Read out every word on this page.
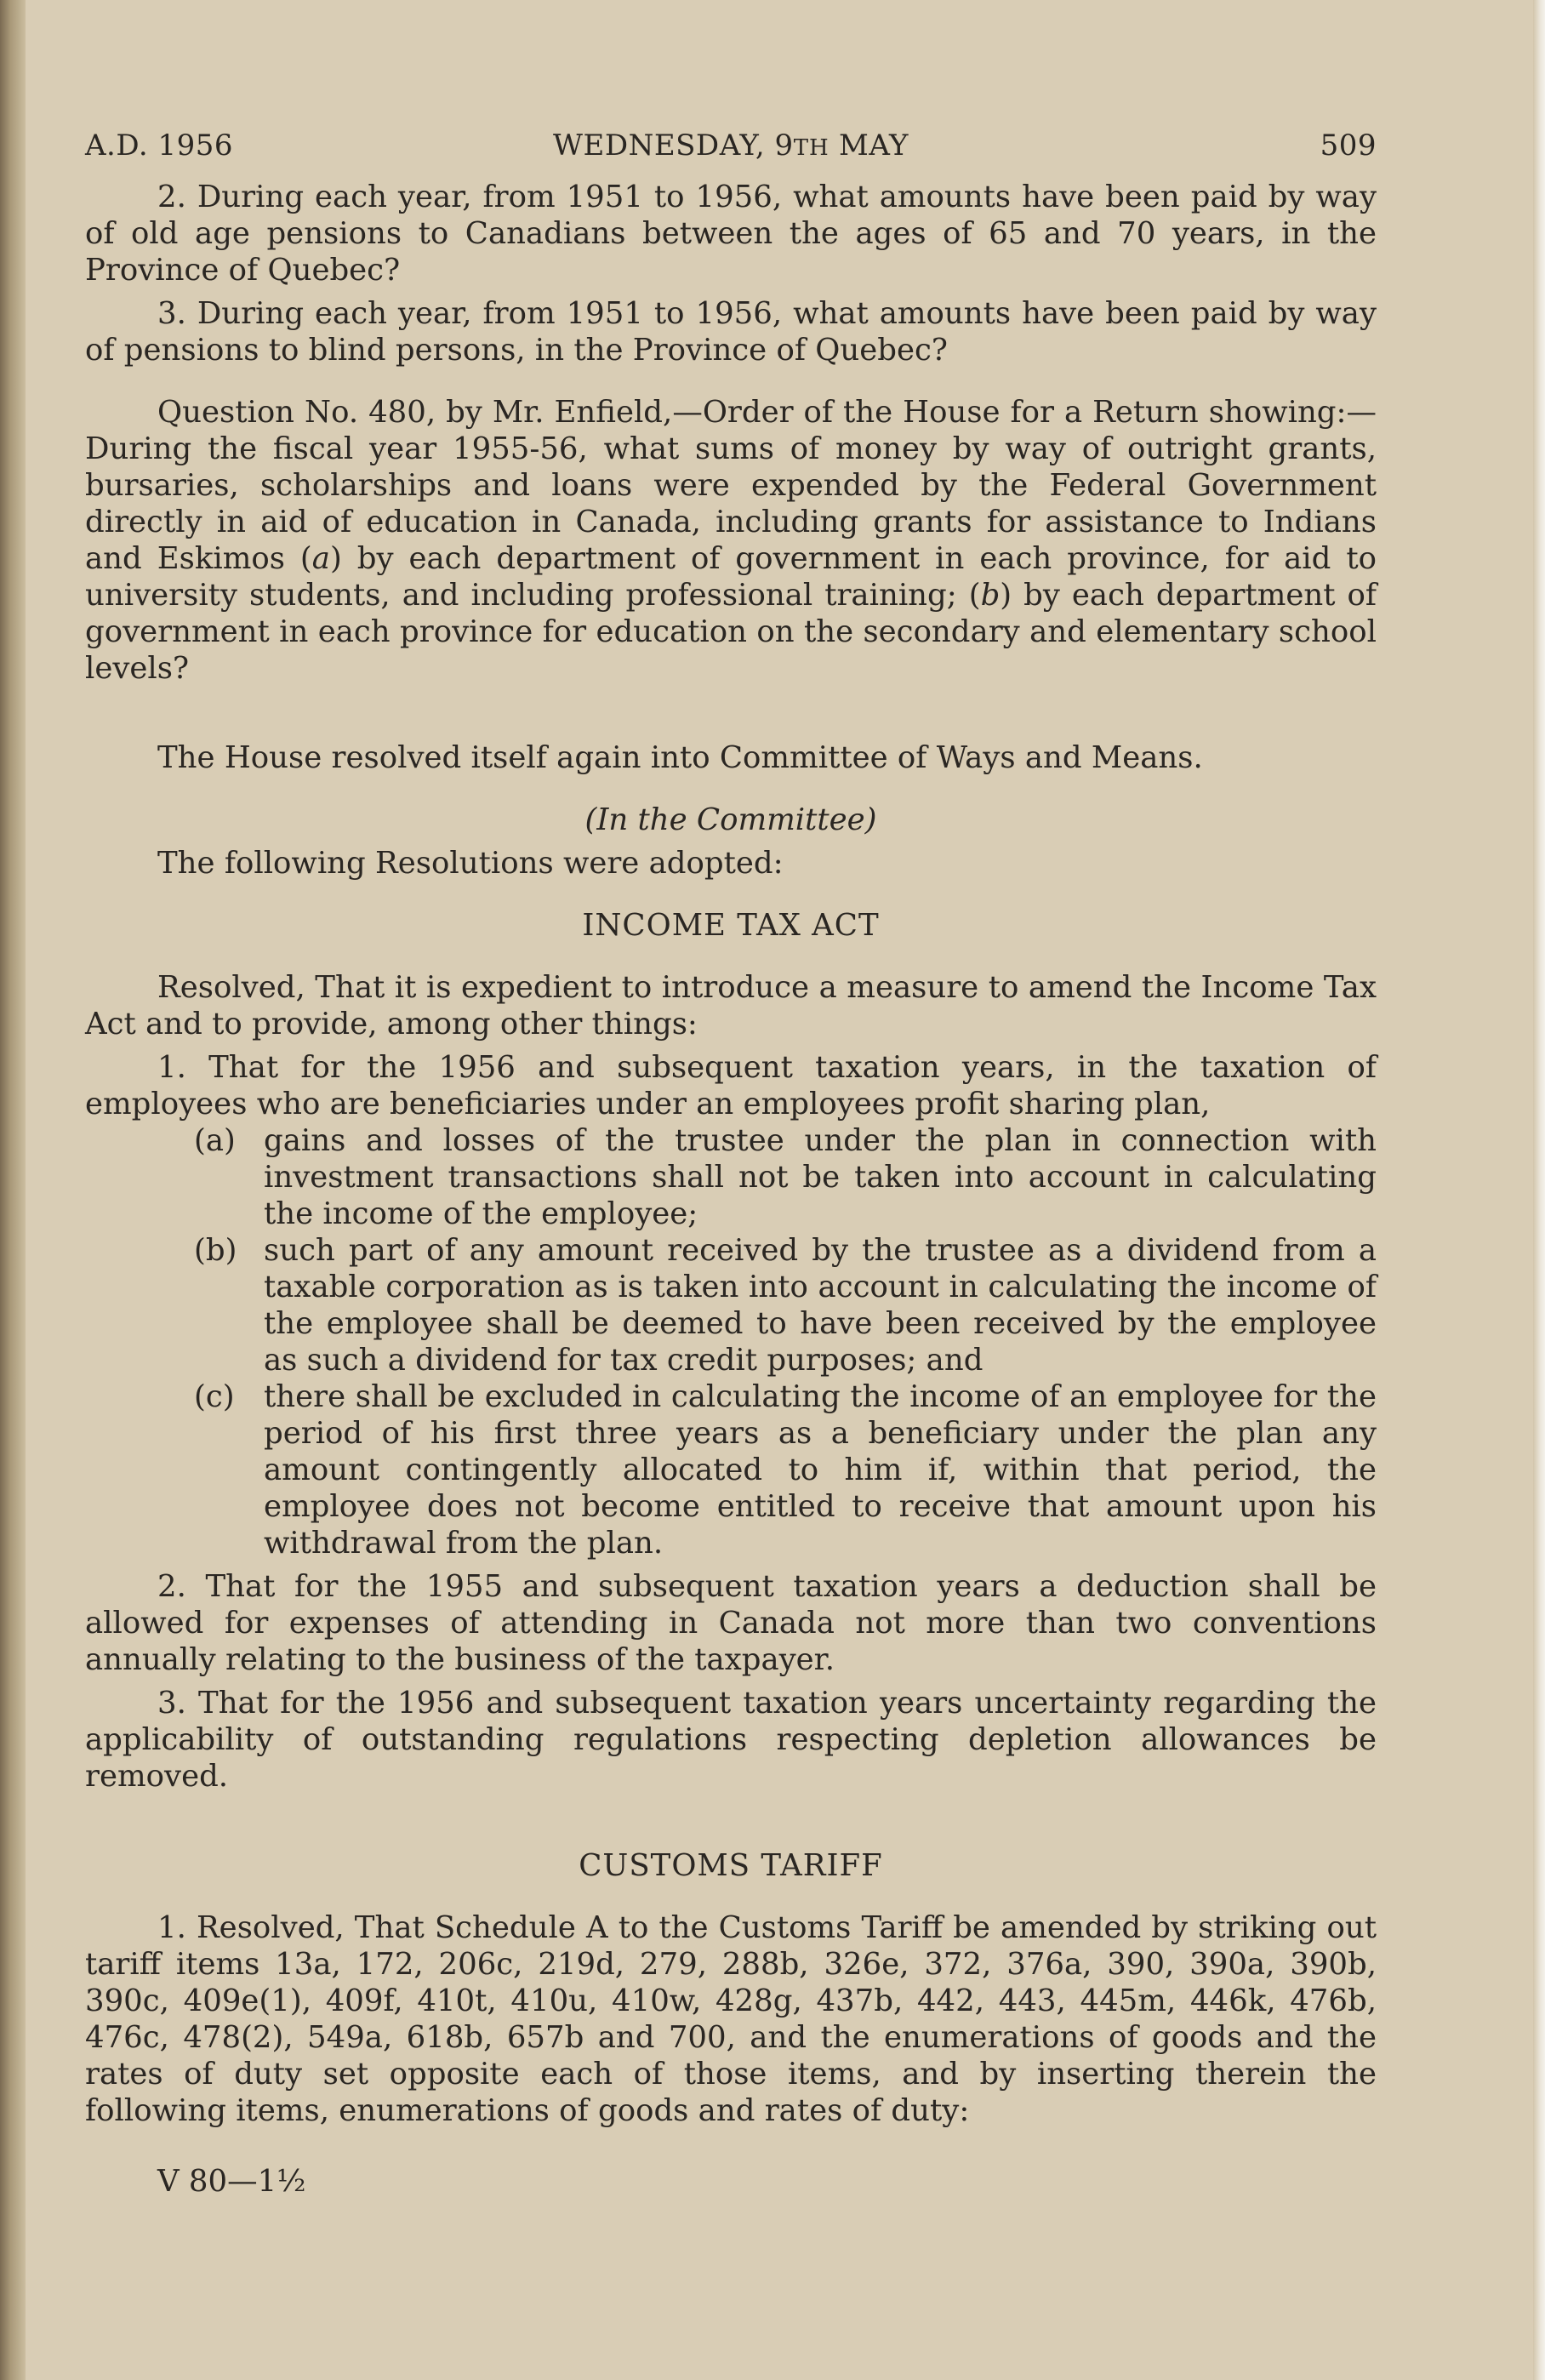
A.D. 1956	WEDNESDAY, 9TH MAY	509

2. During each year, from 1951 to 1956, what amounts have been paid by way of old age pensions to Canadians between the ages of 65 and 70 years, in the Province of Quebec?

3. During each year, from 1951 to 1956, what amounts have been paid by way of pensions to blind persons, in the Province of Quebec?

Question No. 480, by Mr. Enfield,—Order of the House for a Return showing:—During the fiscal year 1955-56, what sums of money by way of outright grants, bursaries, scholarships and loans were expended by the Federal Government directly in aid of education in Canada, including grants for assistance to Indians and Eskimos (a) by each department of government in each province, for aid to university students, and including professional training; (b) by each department of government in each province for education on the secondary and elementary school levels?

The House resolved itself again into Committee of Ways and Means.

(In the Committee)

The following Resolutions were adopted:

INCOME TAX ACT

Resolved, That it is expedient to introduce a measure to amend the Income Tax Act and to provide, among other things:

1. That for the 1956 and subsequent taxation years, in the taxation of employees who are beneficiaries under an employees profit sharing plan,

(a) gains and losses of the trustee under the plan in connection with investment transactions shall not be taken into account in calculating the income of the employee;
(b) such part of any amount received by the trustee as a dividend from a taxable corporation as is taken into account in calculating the income of the employee shall be deemed to have been received by the employee as such a dividend for tax credit purposes; and
(c) there shall be excluded in calculating the income of an employee for the period of his first three years as a beneficiary under the plan any amount contingently allocated to him if, within that period, the employee does not become entitled to receive that amount upon his withdrawal from the plan.

2. That for the 1955 and subsequent taxation years a deduction shall be allowed for expenses of attending in Canada not more than two conventions annually relating to the business of the taxpayer.

3. That for the 1956 and subsequent taxation years uncertainty regarding the applicability of outstanding regulations respecting depletion allowances be removed.

CUSTOMS TARIFF

1. Resolved, That Schedule A to the Customs Tariff be amended by striking out tariff items 13a, 172, 206c, 219d, 279, 288b, 326e, 372, 376a, 390, 390a, 390b, 390c, 409e(1), 409f, 410t, 410u, 410w, 428g, 437b, 442, 443, 445m, 446k, 476b, 476c, 478(2), 549a, 618b, 657b and 700, and the enumerations of goods and the rates of duty set opposite each of those items, and by inserting therein the following items, enumerations of goods and rates of duty:

V 80—1½
